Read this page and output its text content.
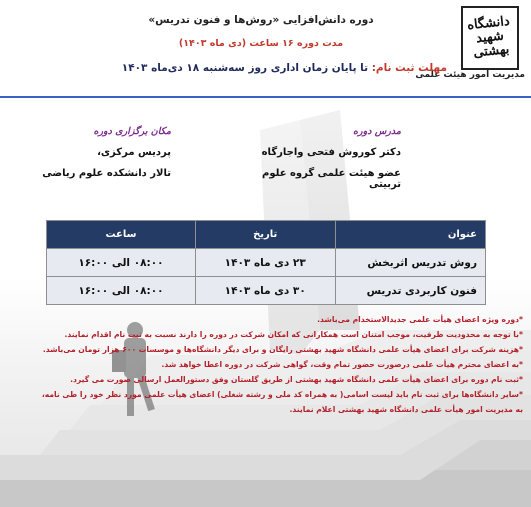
دانشگاه شهید بهشتی
مدیریت امور هیئت علمی
دوره دانش‌افزایی «روش‌ها و فنون تدریس»
مدت دوره ۱۶ ساعت (دی ماه ۱۴۰۳)
مهلت ثبت نام: تا پایان زمان اداری روز سه‌شنبه ۱۸ دی‌ماه ۱۴۰۳
مدرس دوره
دکتر کوروش فتحی واجارگاه
عضو هیئت علمی گروه علوم تربیتی
مکان برگزاری دوره
پردیس مرکزی،
تالار دانشکده علوم ریاضی
عنوان	تاریخ	ساعت
روش تدریس اثربخش	۲۳ دی ماه ۱۴۰۳	۰۸:۰۰ الی ۱۶:۰۰
فنون کاربردی تدریس	۳۰ دی ماه ۱۴۰۳	۰۸:۰۰ الی ۱۶:۰۰
*دوره ویژه اعضای هیأت علمی جدیدالاستخدام می‌باشد.
*با توجه به محدودیت ظرفیت، موجب امتنان است همکارانی که امکان شرکت در دوره را دارند نسبت به ثبت نام اقدام نمایند.
*هزینه شرکت برای اعضای هیأت علمی دانشگاه شهید بهشتی رایگان و برای دیگر دانشگاه‌ها و موسسات ۶۰۰ هزار تومان می‌باشد.
*به اعضای محترم هیأت علمی درصورت حضور تمام وقت، گواهی شرکت در دوره اعطا خواهد شد.
*ثبت نام دوره برای اعضای هیأت علمی دانشگاه شهید بهشتی از طریق گلستان وفق دستورالعمل ارسالی صورت می گیرد.
*سایر دانشگاه‌ها برای ثبت نام باید لیست اسامی( به همراه کد ملی و رشته شغلی) اعضای هیأت علمی مورد نظر خود را طی نامه،
به مدیریت امور هیأت علمی دانشگاه شهید بهشتی اعلام نمایند.
